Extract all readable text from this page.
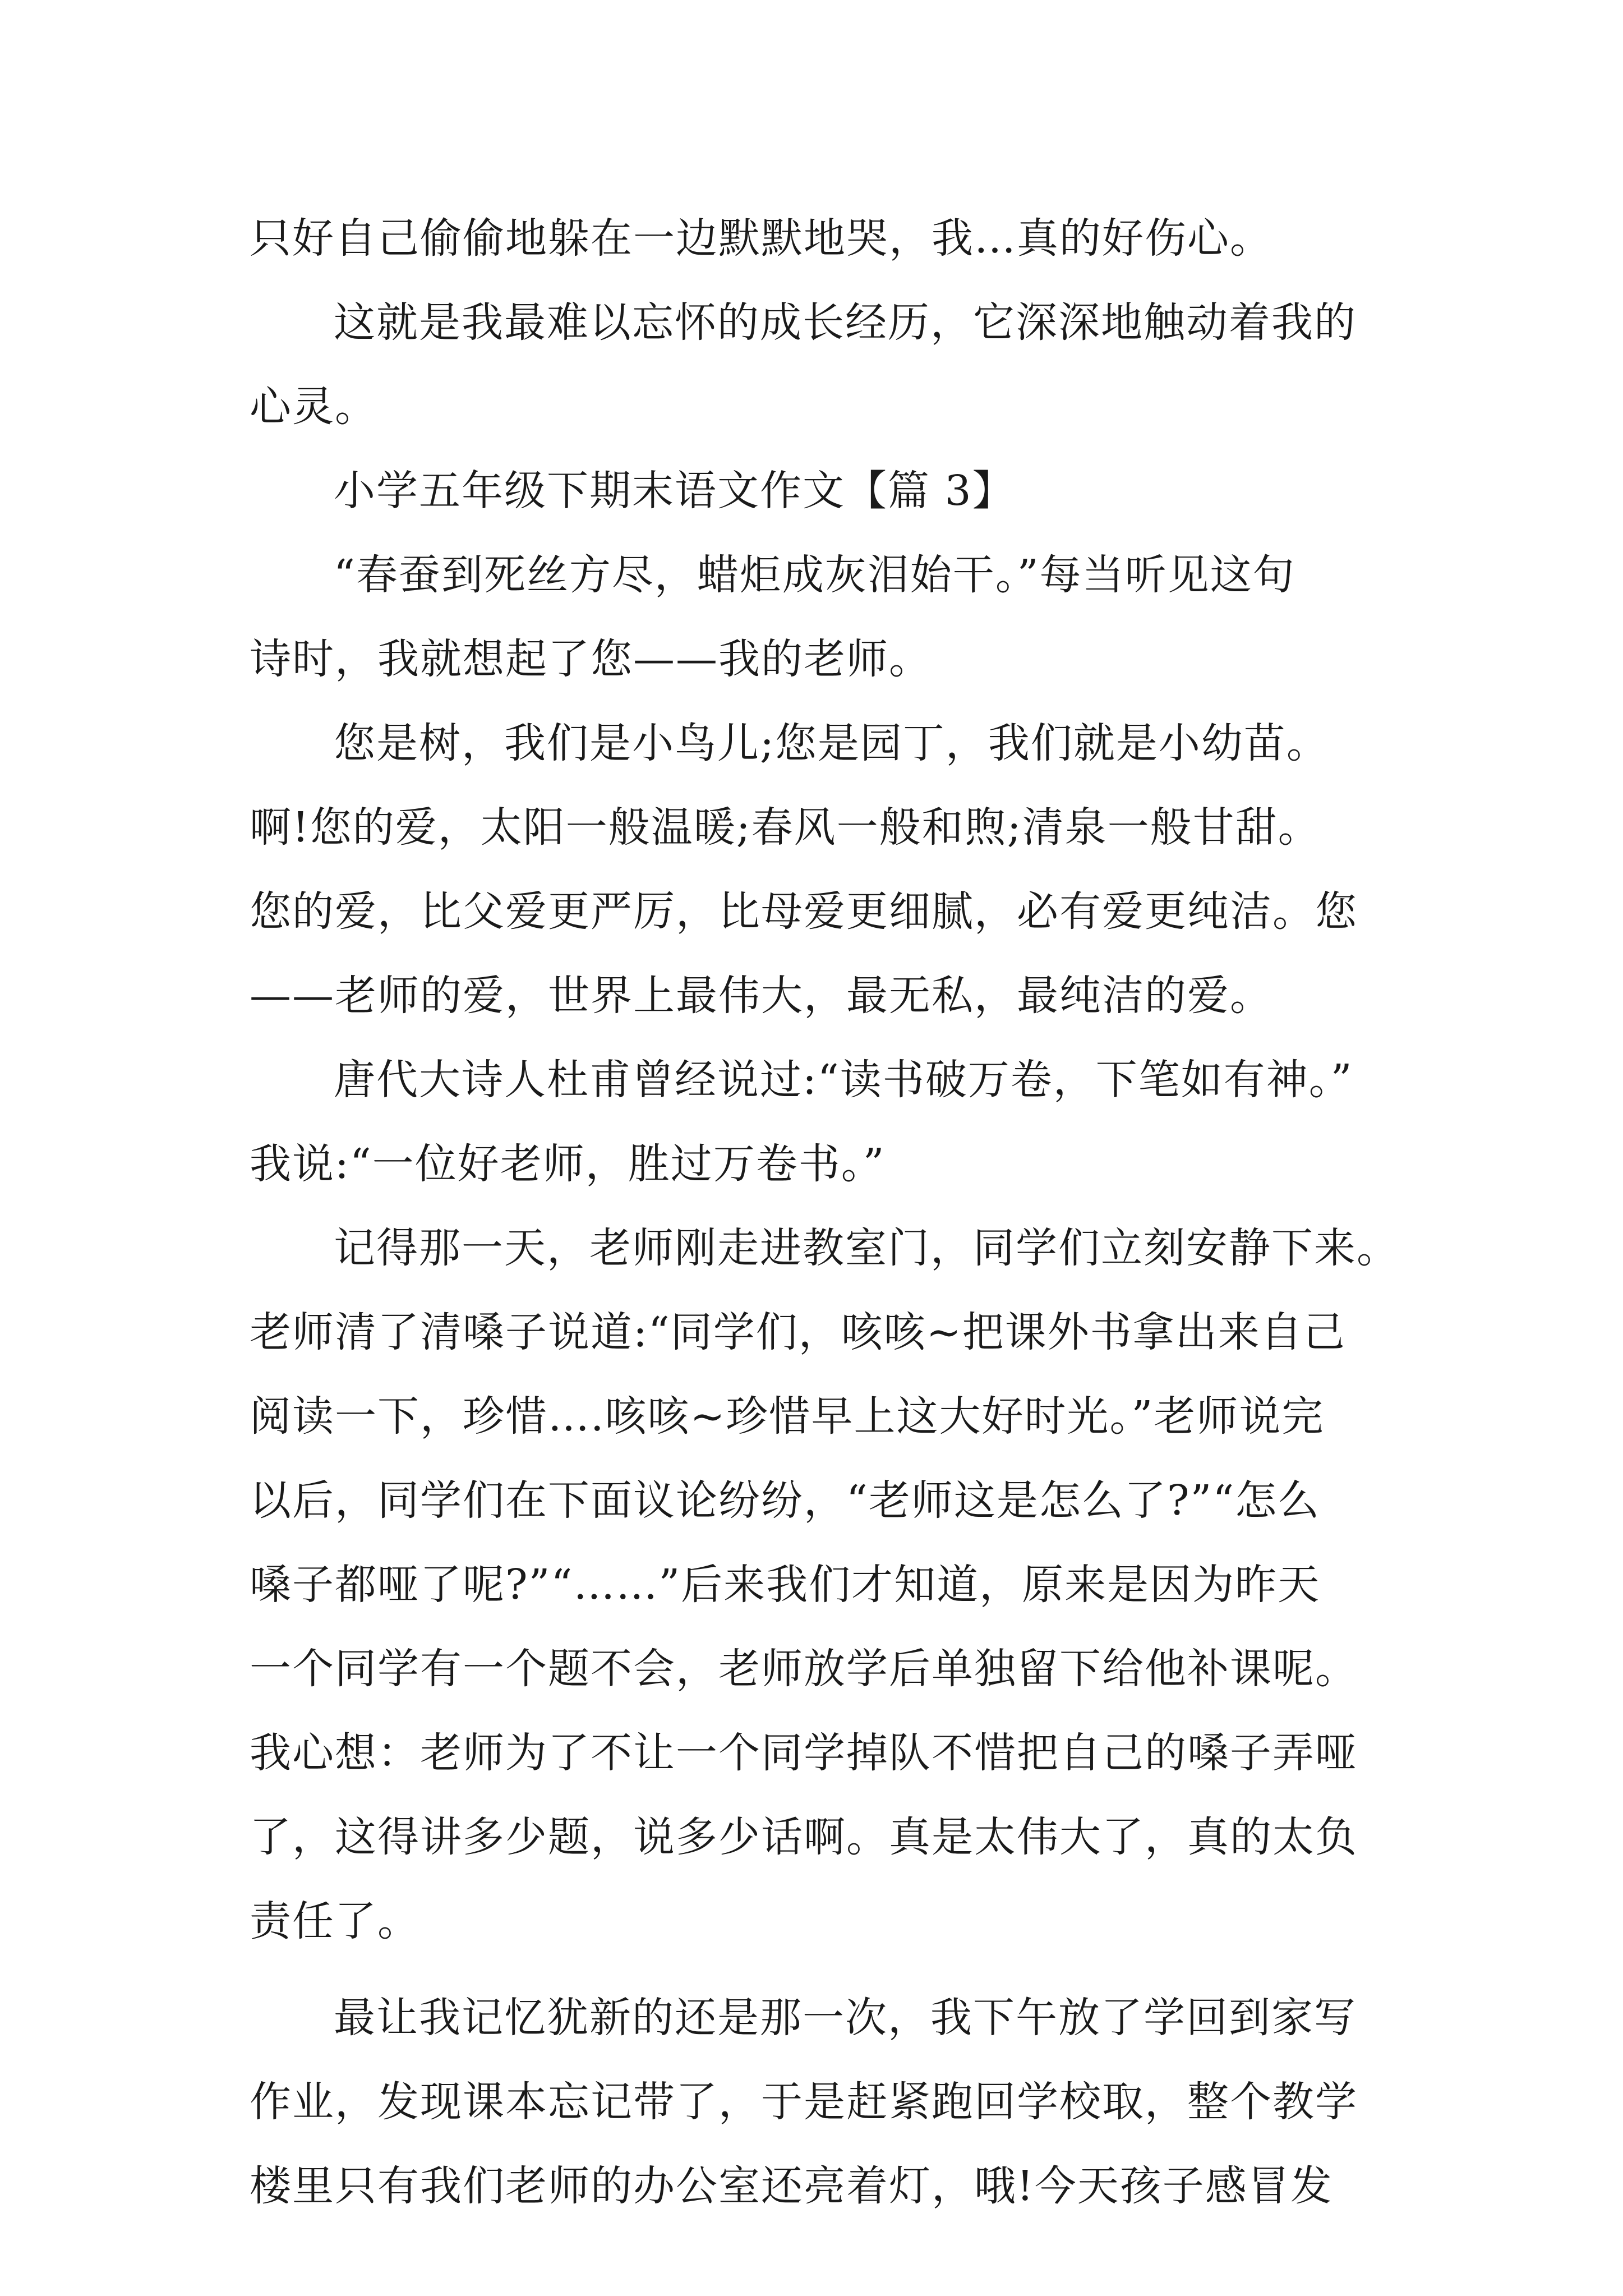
只好自己偷偷地躲在一边默默地哭，我…真的好伤心。
这就是我最难以忘怀的成长经历，它深深地触动着我的
心灵。
小学五年级下期末语文作文【篇 3】
“春蚕到死丝方尽，蜡炬成灰泪始干。”每当听见这句
诗时，我就想起了您——我的老师。
您是树，我们是小鸟儿;您是园丁，我们就是小幼苗。
啊!您的爱，太阳一般温暖;春风一般和煦;清泉一般甘甜。
您的爱，比父爱更严厉，比母爱更细腻，必有爱更纯洁。您
——老师的爱，世界上最伟大，最无私，最纯洁的爱。
唐代大诗人杜甫曾经说过:“读书破万卷，下笔如有神。”
我说:“一位好老师，胜过万卷书。”
记得那一天，老师刚走进教室门，同学们立刻安静下来。
老师清了清嗓子说道:“同学们，咳咳~把课外书拿出来自己
阅读一下，珍惜….咳咳~珍惜早上这大好时光。”老师说完
以后，同学们在下面议论纷纷，“老师这是怎么了?”“怎么
嗓子都哑了呢?”“……”后来我们才知道，原来是因为昨天
一个同学有一个题不会，老师放学后单独留下给他补课呢。
我心想：老师为了不让一个同学掉队不惜把自己的嗓子弄哑
了，这得讲多少题，说多少话啊。真是太伟大了，真的太负
责任了。
最让我记忆犹新的还是那一次，我下午放了学回到家写
作业，发现课本忘记带了，于是赶紧跑回学校取，整个教学
楼里只有我们老师的办公室还亮着灯，哦!今天孩子感冒发
